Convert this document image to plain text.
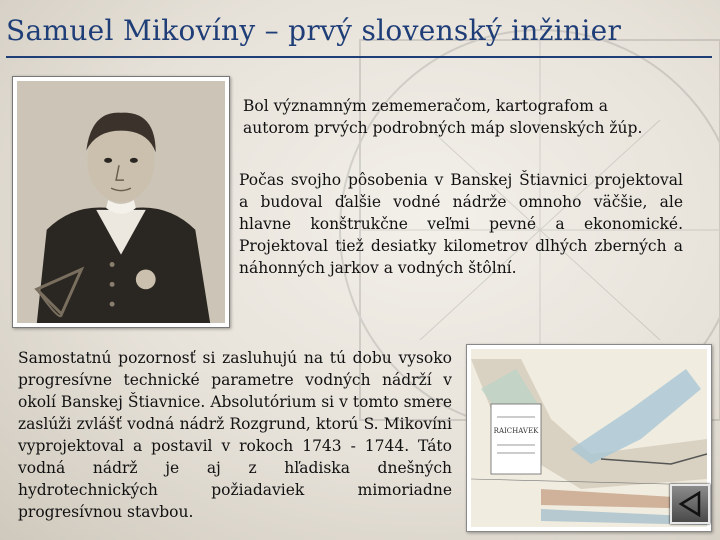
Samuel Mikovíny – prvý slovenský inžinier
Bol významným zememeračom, kartografom a autorom prvých podrobných máp slovenských žúp.
Počas svojho pôsobenia v Banskej Štiavnici projektoval a budoval ďalšie vodné nádrže omnoho väčšie, ale hlavne konštrukčne veľmi pevné a ekonomické. Projektoval tiež desiatky kilometrov dlhých zberných a náhonných jarkov a vodných štôlní.
Samostatnú pozornosť si zasluhujú na tú dobu vysoko progresívne technické parametre vodných nádrží v okolí Banskej Štiavnice. Absolutórium si v tomto smere zaslúži zvlášť vodná nádrž Rozgrund, ktorú S. Mikovíni vyprojektoval a postavil v rokoch 1743 - 1744. Táto vodná nádrž je aj z hľadiska dnešných hydrotechnických požiadaviek mimoriadne progresívnou stavbou.
RAICHAVEK
